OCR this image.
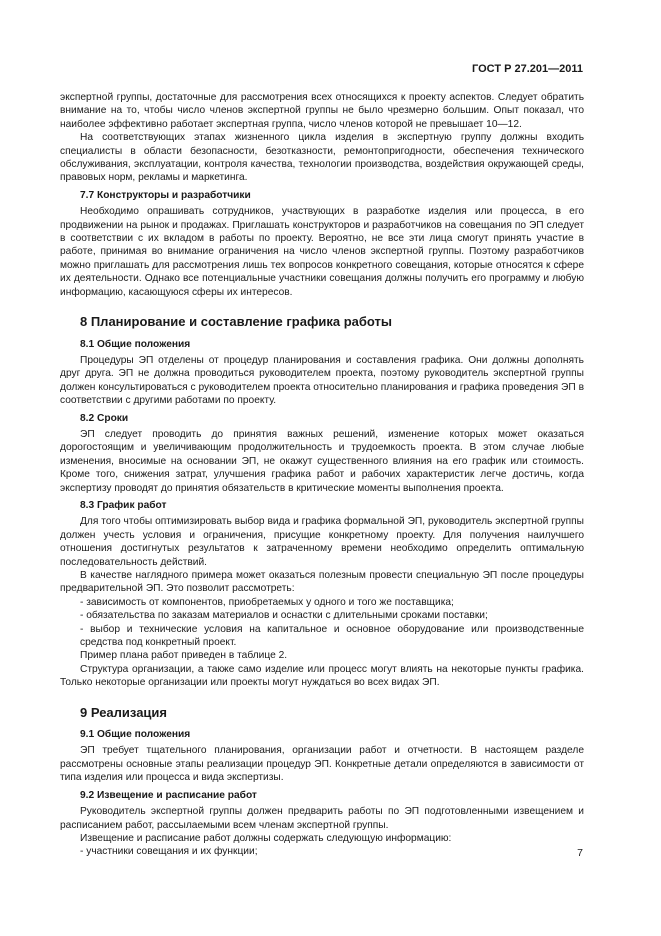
ГОСТ Р 27.201—2011

экспертной группы, достаточные для рассмотрения всех относящихся к проекту аспектов. Следует обратить внимание на то, чтобы число членов экспертной группы не было чрезмерно большим. Опыт показал, что наиболее эффективно работает экспертная группа, число членов которой не превышает 10—12.

На соответствующих этапах жизненного цикла изделия в экспертную группу должны входить специалисты в области безопасности, безотказности, ремонтопригодности, обеспечения технического обслуживания, эксплуатации, контроля качества, технологии производства, воздействия окружающей среды, правовых норм, рекламы и маркетинга.

7.7 Конструкторы и разработчики

Необходимо опрашивать сотрудников, участвующих в разработке изделия или процесса, в его продвижении на рынок и продажах. Приглашать конструкторов и разработчиков на совещания по ЭП следует в соответствии с их вкладом в работы по проекту. Вероятно, не все эти лица смогут принять участие в работе, принимая во внимание ограничения на число членов экспертной группы. Поэтому разработчиков можно приглашать для рассмотрения лишь тех вопросов конкретного совещания, которые относятся к сфере их деятельности. Однако все потенциальные участники совещания должны получить его программу и любую информацию, касающуюся сферы их интересов.

8 Планирование и составление графика работы
8.1 Общие положения

Процедуры ЭП отделены от процедур планирования и составления графика. Они должны дополнять друг друга. ЭП не должна проводиться руководителем проекта, поэтому руководитель экспертной группы должен консультироваться с руководителем проекта относительно планирования и графика проведения ЭП в соответствии с другими работами по проекту.

8.2 Сроки

ЭП следует проводить до принятия важных решений, изменение которых может оказаться дорогостоящим и увеличивающим продолжительность и трудоемкость проекта. В этом случае любые изменения, вносимые на основании ЭП, не окажут существенного влияния на его график или стоимость. Кроме того, снижения затрат, улучшения графика работ и рабочих характеристик легче достичь, когда экспертизу проводят до принятия обязательств в критические моменты выполнения проекта.

8.3 График работ

Для того чтобы оптимизировать выбор вида и графика формальной ЭП, руководитель экспертной группы должен учесть условия и ограничения, присущие конкретному проекту. Для получения наилучшего отношения достигнутых результатов к затраченному времени необходимо определить оптимальную последовательность действий.

В качестве наглядного примера может оказаться полезным провести специальную ЭП после процедуры предварительной ЭП. Это позволит рассмотреть:

- зависимость от компонентов, приобретаемых у одного и того же поставщика;
- обязательства по заказам материалов и оснастки с длительными сроками поставки;
- выбор и технические условия на капитальное и основное оборудование или производственные средства под конкретный проект.

Пример плана работ приведен в таблице 2.

Структура организации, а также само изделие или процесс могут влиять на некоторые пункты графика. Только некоторые организации или проекты могут нуждаться во всех видах ЭП.

9 Реализация
9.1 Общие положения

ЭП требует тщательного планирования, организации работ и отчетности. В настоящем разделе рассмотрены основные этапы реализации процедур ЭП. Конкретные детали определяются в зависимости от типа изделия или процесса и вида экспертизы.

9.2 Извещение и расписание работ

Руководитель экспертной группы должен предварить работы по ЭП подготовленными извещением и расписанием работ, рассылаемыми всем членам экспертной группы.

Извещение и расписание работ должны содержать следующую информацию:

- участники совещания и их функции;	7
